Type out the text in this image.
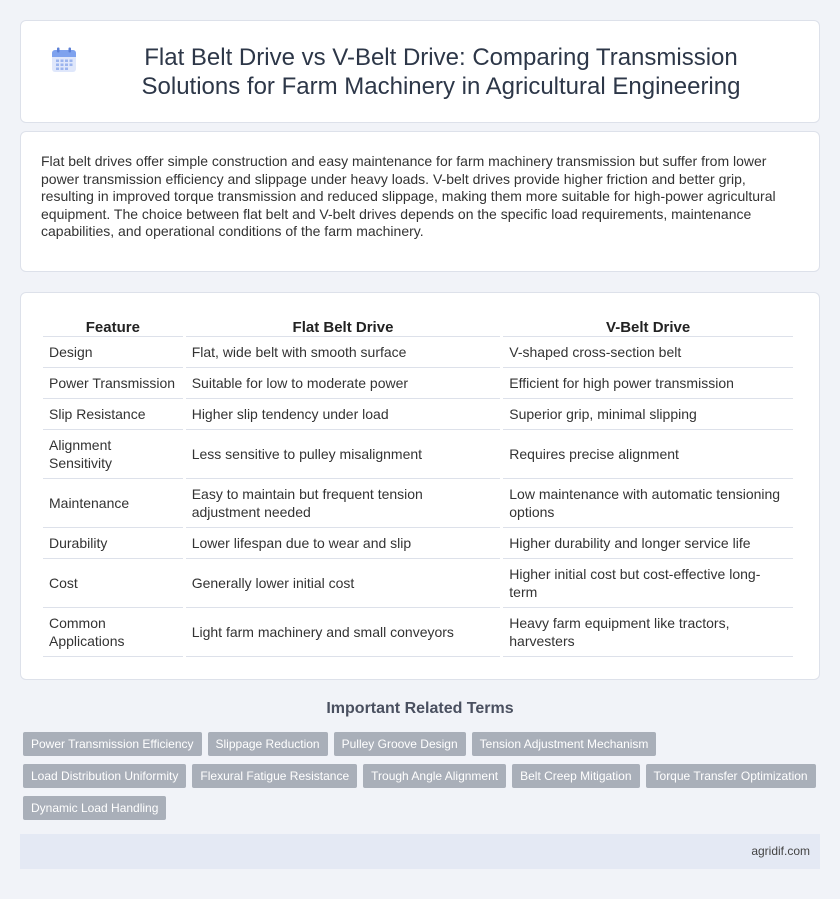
Flat Belt Drive vs V-Belt Drive: Comparing Transmission Solutions for Farm Machinery in Agricultural Engineering

Flat belt drives offer simple construction and easy maintenance for farm machinery transmission but suffer from lower power transmission efficiency and slippage under heavy loads. V-belt drives provide higher friction and better grip, resulting in improved torque transmission and reduced slippage, making them more suitable for high-power agricultural equipment. The choice between flat belt and V-belt drives depends on the specific load requirements, maintenance capabilities, and operational conditions of the farm machinery.

Feature	Flat Belt Drive	V-Belt Drive
Design	Flat, wide belt with smooth surface	V-shaped cross-section belt
Power Transmission	Suitable for low to moderate power	Efficient for high power transmission
Slip Resistance	Higher slip tendency under load	Superior grip, minimal slipping
Alignment Sensitivity	Less sensitive to pulley misalignment	Requires precise alignment
Maintenance	Easy to maintain but frequent tension adjustment needed	Low maintenance with automatic tensioning options
Durability	Lower lifespan due to wear and slip	Higher durability and longer service life
Cost	Generally lower initial cost	Higher initial cost but cost-effective long-term
Common Applications	Light farm machinery and small conveyors	Heavy farm equipment like tractors, harvesters
Important Related Terms
Power Transmission Efficiency	Slippage Reduction	Pulley Groove Design	Tension Adjustment Mechanism
Load Distribution Uniformity	Flexural Fatigue Resistance	Trough Angle Alignment	Belt Creep Mitigation	Torque Transfer Optimization
Dynamic Load Handling
agridif.com
